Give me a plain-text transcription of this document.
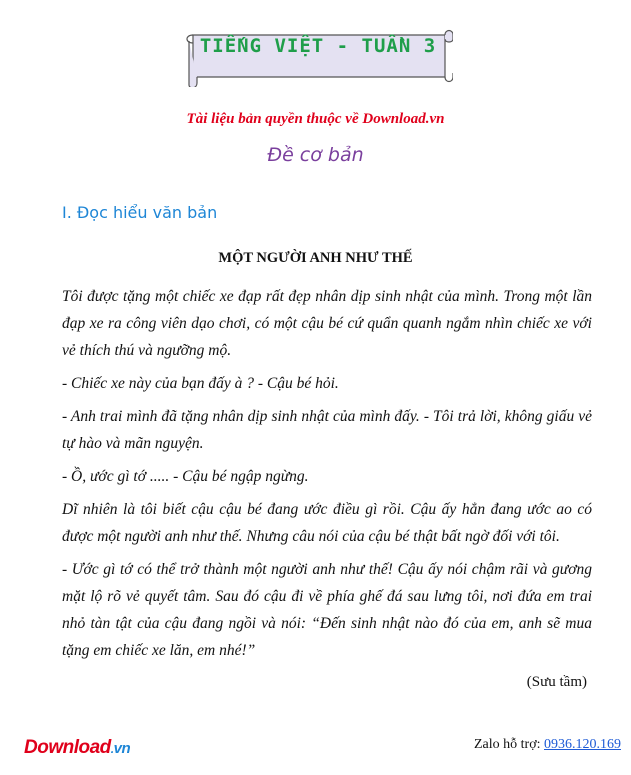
TIẾNG VIỆT - TUẦN 3
Tài liệu bản quyền thuộc về Download.vn
Đề cơ bản
I. Đọc hiểu văn bản
MỘT NGƯỜI ANH NHƯ THẾ

Tôi được tặng một chiếc xe đạp rất đẹp nhân dịp sinh nhật của mình. Trong một lần đạp xe ra công viên dạo chơi, có một cậu bé cứ quẩn quanh ngắm nhìn chiếc xe với vẻ thích thú và ngưỡng mộ.

- Chiếc xe này của bạn đấy à ? - Cậu bé hỏi.

- Anh trai mình đã tặng nhân dịp sinh nhật của mình đấy. - Tôi trả lời, không giấu vẻ tự hào và mãn nguyện.

- Ồ, ước gì tớ ..... - Cậu bé ngập ngừng.

Dĩ nhiên là tôi biết cậu cậu bé đang ước điều gì rồi. Cậu ấy hẳn đang ước ao có được một người anh như thế. Nhưng câu nói của cậu bé thật bất ngờ đối với tôi.

- Ước gì tớ có thể trở thành một người anh như thế! Cậu ấy nói chậm rãi và gương mặt lộ rõ vẻ quyết tâm. Sau đó cậu đi về phía ghế đá sau lưng tôi, nơi đứa em trai nhỏ tàn tật của cậu đang ngồi và nói: “Đến sinh nhật nào đó của em, anh sẽ mua tặng em chiếc xe lăn, em nhé!”

(Sưu tầm)
Download.vn	Zalo hỗ trợ: 0936.120.169
